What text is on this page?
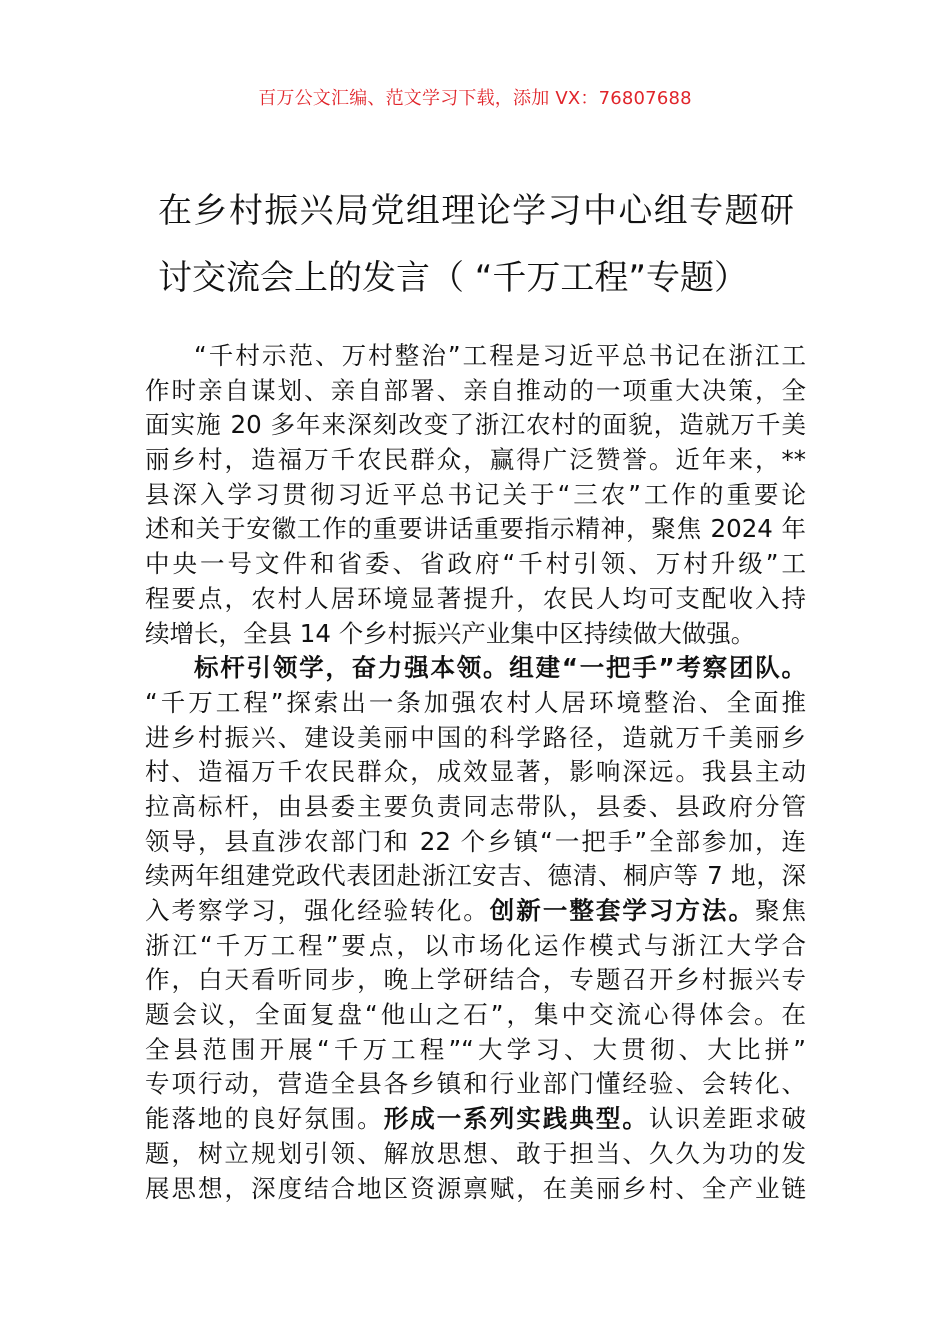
百万公文汇编、范文学习下载，添加 VX：76807688
在乡村振兴局党组理论学习中心组专题研
讨交流会上的发言（ “千万工程”专题）
“千村示范、万村整治”工程是习近平总书记在浙江工
作时亲自谋划、亲自部署、亲自推动的一项重大决策，全
面实施 20 多年来深刻改变了浙江农村的面貌，造就万千美
丽乡村，造福万千农民群众，赢得广泛赞誉。近年来，**
县深入学习贯彻习近平总书记关于“三农”工作的重要论
述和关于安徽工作的重要讲话重要指示精神，聚焦 2024 年
中央一号文件和省委、省政府“千村引领、万村升级”工
程要点，农村人居环境显著提升，农民人均可支配收入持
续增长，全县 14 个乡村振兴产业集中区持续做大做强。
标杆引领学，奋力强本领。组建“一把手”考察团队。
“千万工程”探索出一条加强农村人居环境整治、全面推
进乡村振兴、建设美丽中国的科学路径，造就万千美丽乡
村、造福万千农民群众，成效显著，影响深远。我县主动
拉高标杆，由县委主要负责同志带队，县委、县政府分管
领导，县直涉农部门和 22 个乡镇“一把手”全部参加，连
续两年组建党政代表团赴浙江安吉、德清、桐庐等 7 地，深
入考察学习，强化经验转化。创新一整套学习方法。聚焦
浙江“千万工程”要点，以市场化运作模式与浙江大学合
作，白天看听同步，晚上学研结合，专题召开乡村振兴专
题会议，全面复盘“他山之石”，集中交流心得体会。在
全县范围开展“千万工程”“大学习、大贯彻、大比拼”
专项行动，营造全县各乡镇和行业部门懂经验、会转化、
能落地的良好氛围。形成一系列实践典型。认识差距求破
题，树立规划引领、解放思想、敢于担当、久久为功的发
展思想，深度结合地区资源禀赋，在美丽乡村、全产业链
